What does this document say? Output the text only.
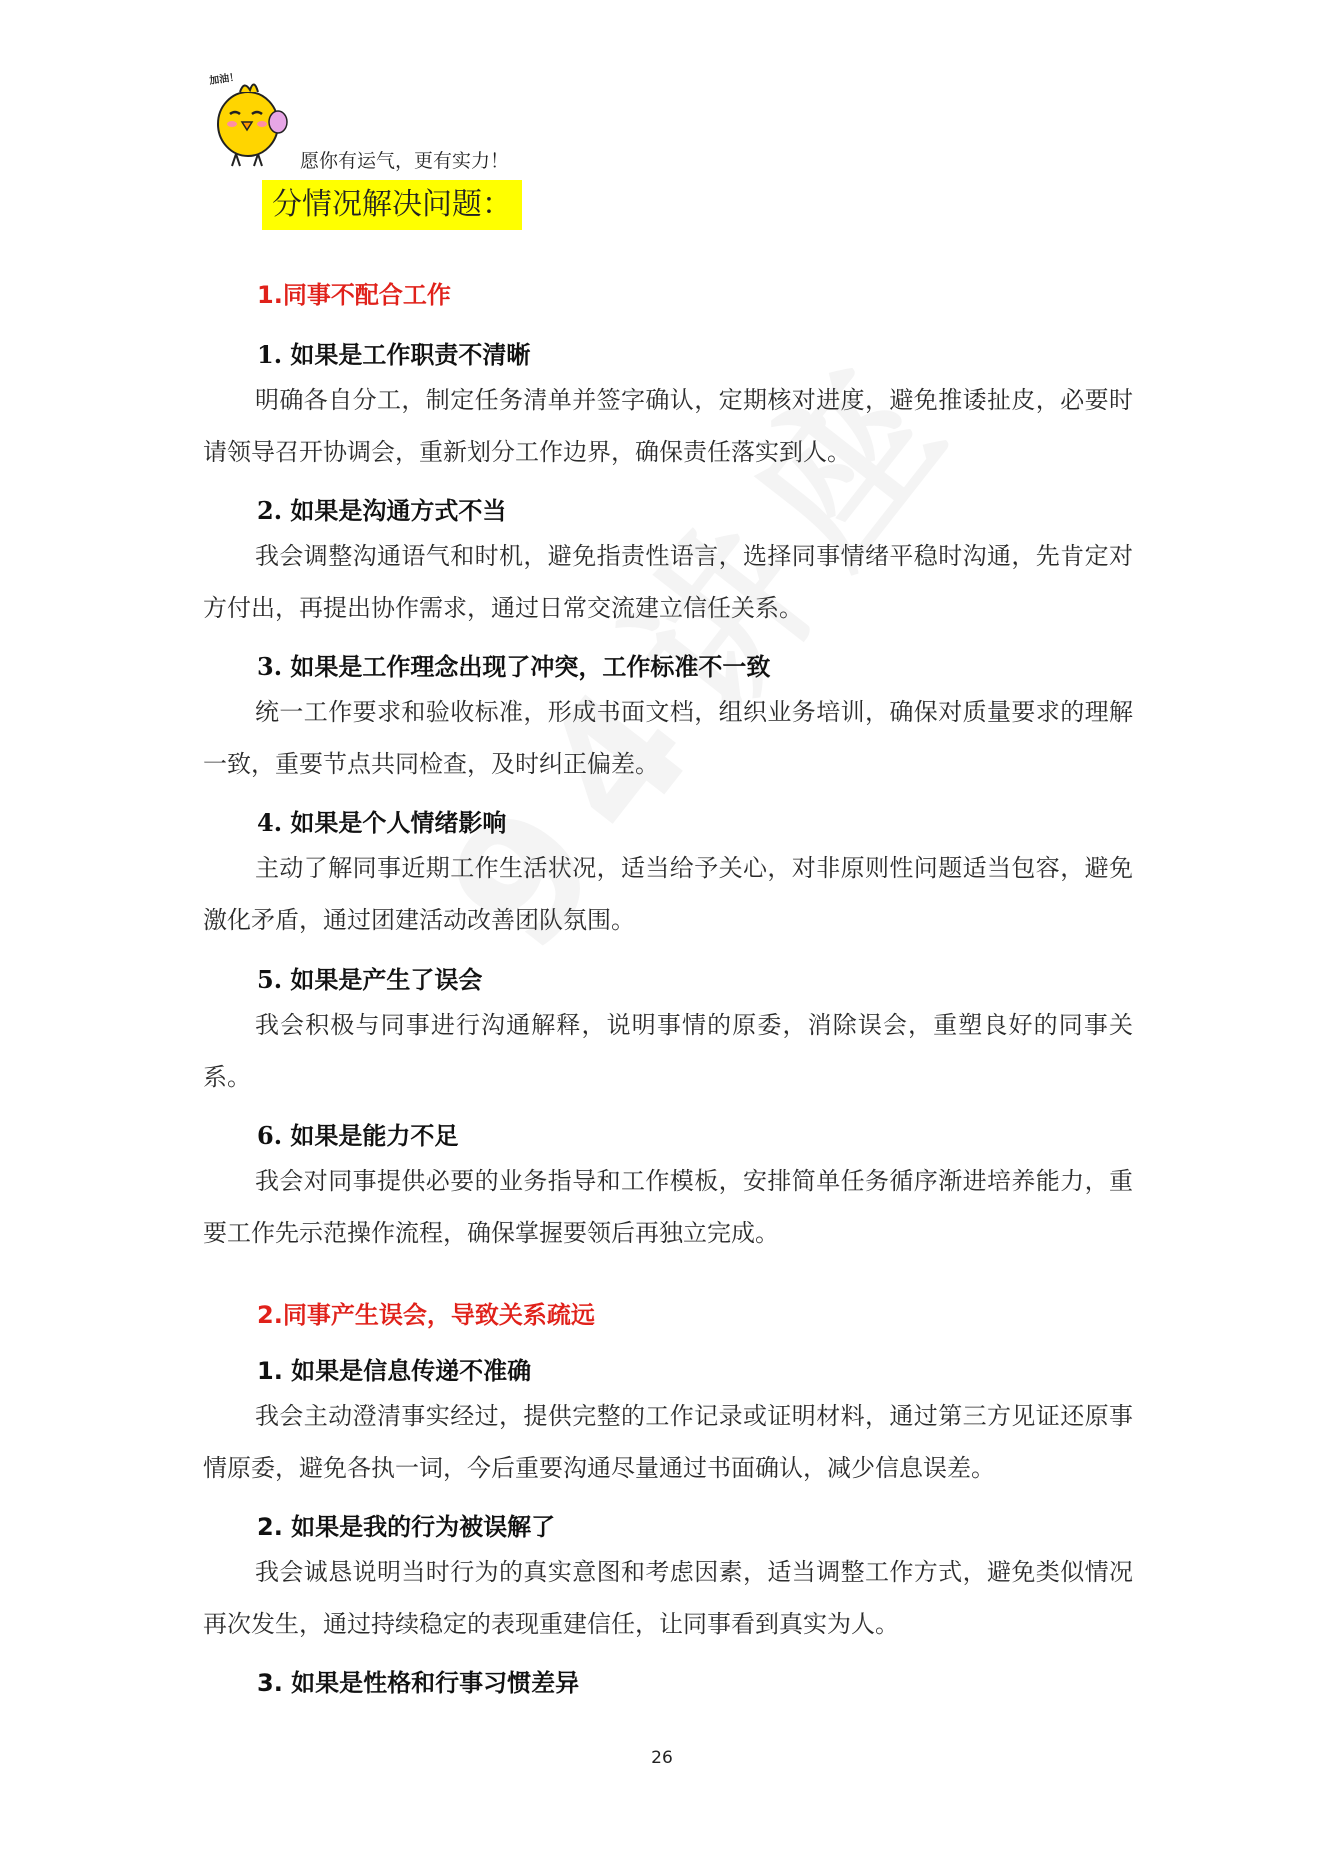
加油！
愿你有运气，更有实力！
分情况解决问题：
1.同事不配合工作
1. 如果是工作职责不清晰
明确各自分工，制定任务清单并签字确认，定期核对进度，避免推诿扯皮，必要时请领导召开协调会，重新划分工作边界，确保责任落实到人。
2. 如果是沟通方式不当
我会调整沟通语气和时机，避免指责性语言，选择同事情绪平稳时沟通，先肯定对方付出，再提出协作需求，通过日常交流建立信任关系。
3. 如果是工作理念出现了冲突，工作标准不一致
统一工作要求和验收标准，形成书面文档，组织业务培训，确保对质量要求的理解一致，重要节点共同检查，及时纠正偏差。
4. 如果是个人情绪影响
主动了解同事近期工作生活状况，适当给予关心，对非原则性问题适当包容，避免激化矛盾，通过团建活动改善团队氛围。
5. 如果是产生了误会
我会积极与同事进行沟通解释，说明事情的原委，消除误会，重塑良好的同事关系。
6. 如果是能力不足
我会对同事提供必要的业务指导和工作模板，安排简单任务循序渐进培养能力，重要工作先示范操作流程，确保掌握要领后再独立完成。
2.同事产生误会，导致关系疏远
1. 如果是信息传递不准确
我会主动澄清事实经过，提供完整的工作记录或证明材料，通过第三方见证还原事情原委，避免各执一词，今后重要沟通尽量通过书面确认，减少信息误差。
2. 如果是我的行为被误解了
我会诚恳说明当时行为的真实意图和考虑因素，适当调整工作方式，避免类似情况再次发生，通过持续稳定的表现重建信任，让同事看到真实为人。
3. 如果是性格和行事习惯差异
26
